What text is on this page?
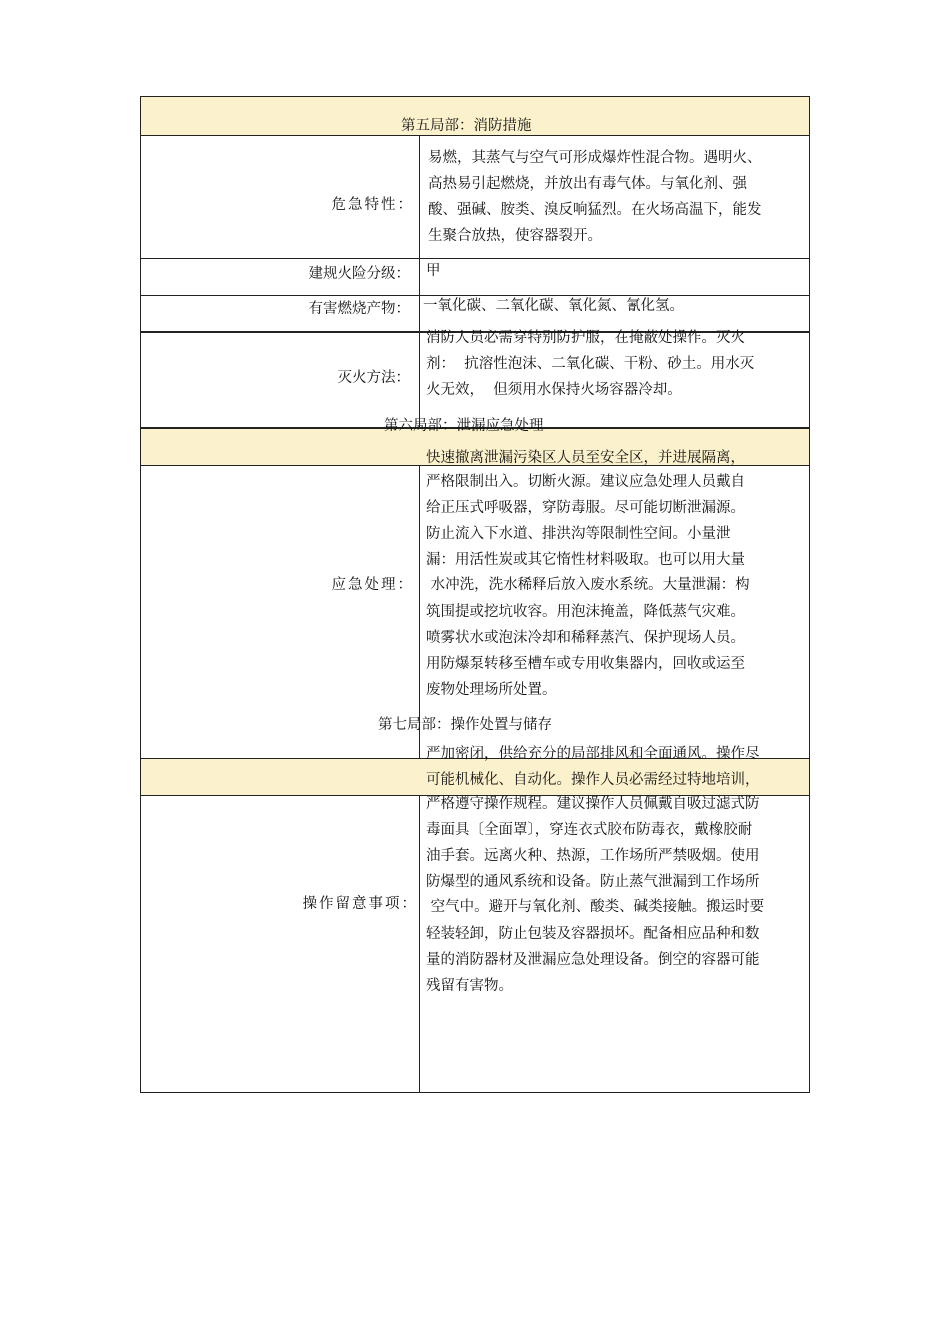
第五局部：消防措施
危急特性：
易燃，其蒸气与空气可形成爆炸性混合物。遇明火、
高热易引起燃烧，并放出有毒气体。与氧化剂、强
酸、强碱、胺类、溴反响猛烈。在火场高温下，能发
生聚合放热，使容器裂开。
建规火险分级： 甲
有害燃烧产物： 一氧化碳、二氧化碳、氧化氮、氰化氢。
灭火方法：
消防人员必需穿特别防护服，在掩蔽处操作。灭火
剂：  抗溶性泡沫、二氧化碳、干粉、砂土。用水灭
火无效，  但须用水保持火场容器冷却。
第六局部：泄漏应急处理
应急处理：
快速撤离泄漏污染区人员至安全区，并进展隔离，
严格限制出入。切断火源。建议应急处理人员戴自
给正压式呼吸器，穿防毒服。尽可能切断泄漏源。
防止流入下水道、排洪沟等限制性空间。小量泄
漏：用活性炭或其它惰性材料吸取。也可以用大量
水冲洗，洗水稀释后放入废水系统。大量泄漏：构
筑围提或挖坑收容。用泡沫掩盖，降低蒸气灾难。
喷雾状水或泡沫冷却和稀释蒸汽、保护现场人员。
用防爆泵转移至槽车或专用收集器内，回收或运至
废物处理场所处置。
第七局部：操作处置与储存
操作留意事项：
严加密闭，供给充分的局部排风和全面通风。操作尽
可能机械化、自动化。操作人员必需经过特地培训，
严格遵守操作规程。建议操作人员佩戴自吸过滤式防
毒面具〔全面罩〕，穿连衣式胶布防毒衣，戴橡胶耐
油手套。远离火种、热源，工作场所严禁吸烟。使用
防爆型的通风系统和设备。防止蒸气泄漏到工作场所
空气中。避开与氧化剂、酸类、碱类接触。搬运时要
轻装轻卸，防止包装及容器损坏。配备相应品种和数
量的消防器材及泄漏应急处理设备。倒空的容器可能
残留有害物。
